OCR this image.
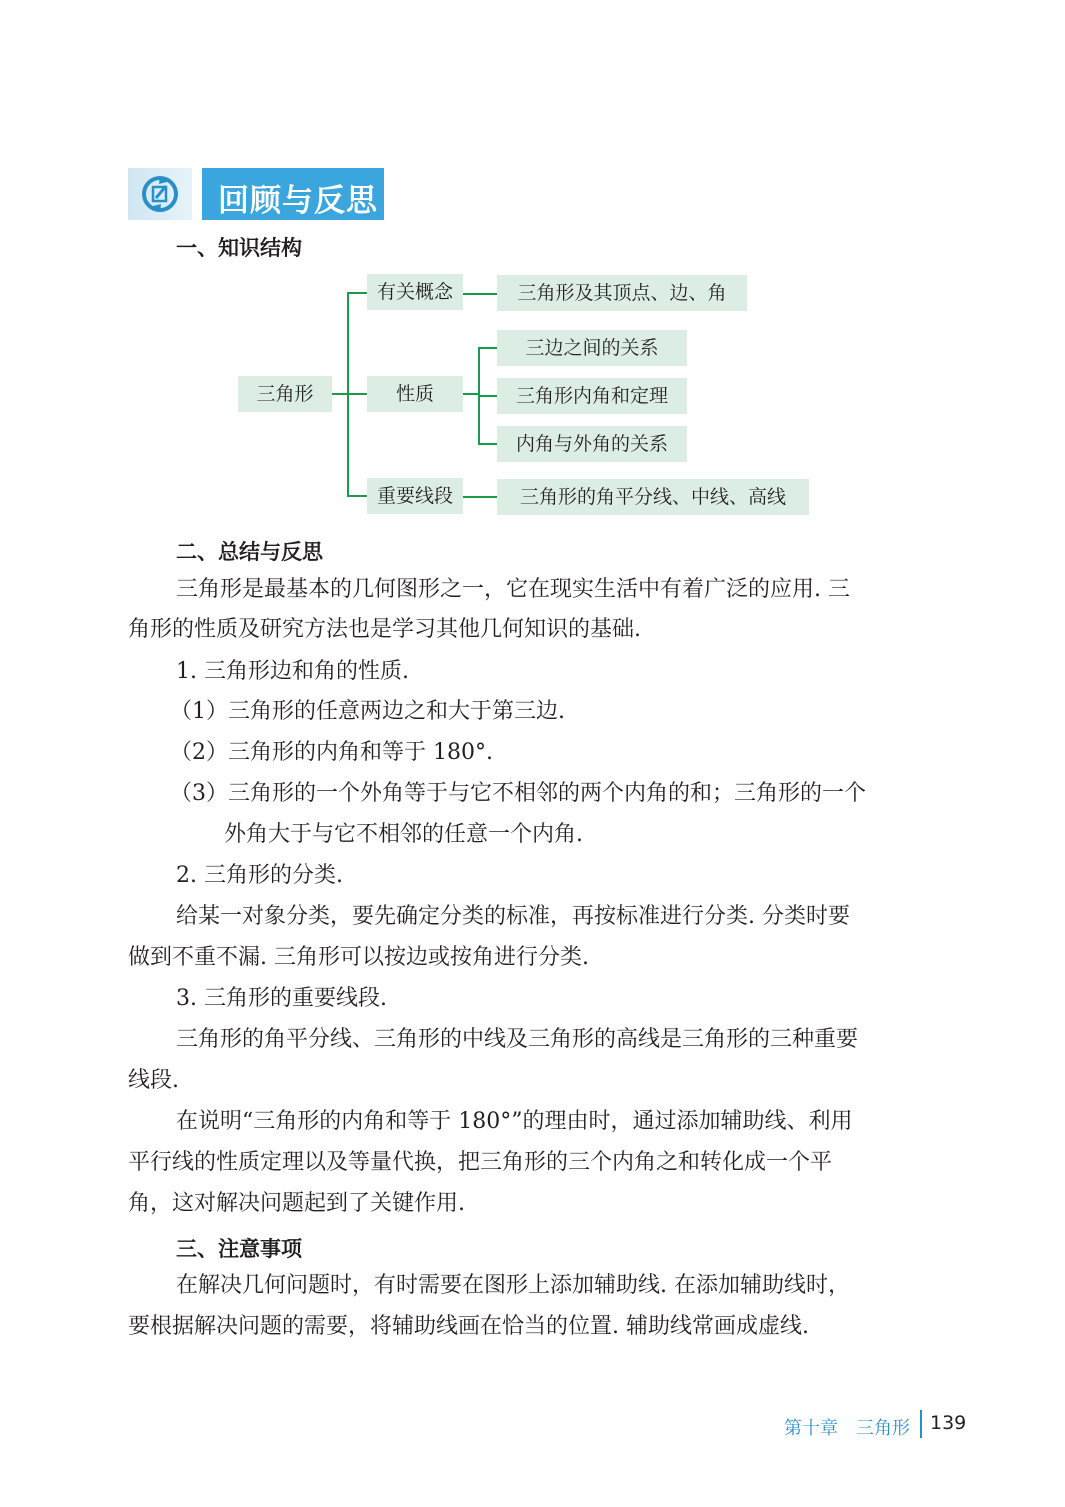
回顾与反思
一、知识结构
三角形
有关概念	三角形及其顶点、边、角
性质
三边之间的关系
三角形内角和定理
内角与外角的关系
重要线段	三角形的角平分线、中线、高线
二、总结与反思
三角形是最基本的几何图形之一，它在现实生活中有着广泛的应用. 三
角形的性质及研究方法也是学习其他几何知识的基础.
1. 三角形边和角的性质.
（1）三角形的任意两边之和大于第三边.
（2）三角形的内角和等于 180°.
（3）三角形的一个外角等于与它不相邻的两个内角的和；三角形的一个
外角大于与它不相邻的任意一个内角.
2. 三角形的分类.
给某一对象分类，要先确定分类的标准，再按标准进行分类. 分类时要
做到不重不漏. 三角形可以按边或按角进行分类.
3. 三角形的重要线段.
三角形的角平分线、三角形的中线及三角形的高线是三角形的三种重要
线段.
在说明“三角形的内角和等于 180°”的理由时，通过添加辅助线、利用
平行线的性质定理以及等量代换，把三角形的三个内角之和转化成一个平
角，这对解决问题起到了关键作用.
三、注意事项
在解决几何问题时，有时需要在图形上添加辅助线. 在添加辅助线时，
要根据解决问题的需要，将辅助线画在恰当的位置. 辅助线常画成虚线.
第十章　三角形 139
